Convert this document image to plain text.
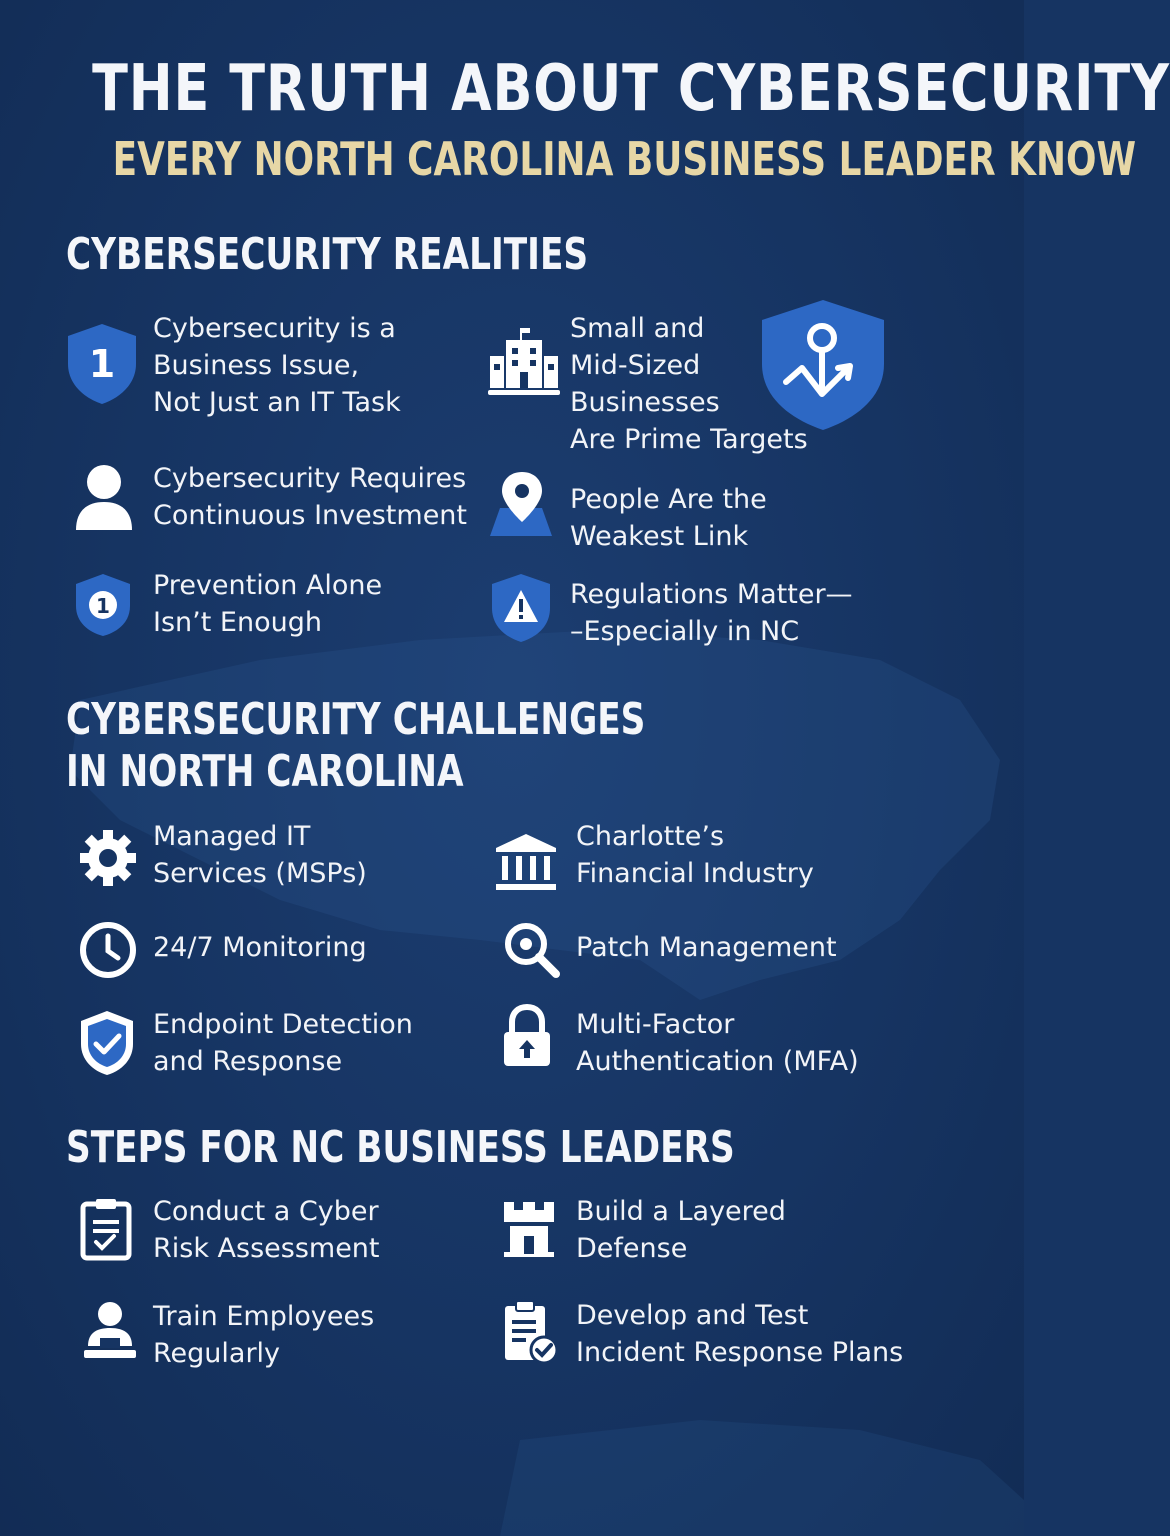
THE TRUTH ABOUT CYBERSECURITY
EVERY NORTH CAROLINA BUSINESS LEADER KNOW
CYBERSECURITY REALITIES
1
Cybersecurity is a
Business Issue,
Not Just an IT Task
Small and
Mid-Sized
Businesses
Are Prime Targets
Cybersecurity Requires
Continuous Investment
People Are the
Weakest Link
1
Prevention Alone
Isn’t Enough
Regulations Matter—
–Especially in NC
CYBERSECURITY CHALLENGES
IN NORTH CAROLINA
Managed IT
Services (MSPs)
Charlotte’s
Financial Industry
24/7 Monitoring	Patch Management
Endpoint Detection
and Response
Multi-Factor
Authentication (MFA)
STEPS FOR NC BUSINESS LEADERS
Conduct a Cyber
Risk Assessment
Build a Layered
Defense
Train Employees
Regularly
Develop and Test
Incident Response Plans
